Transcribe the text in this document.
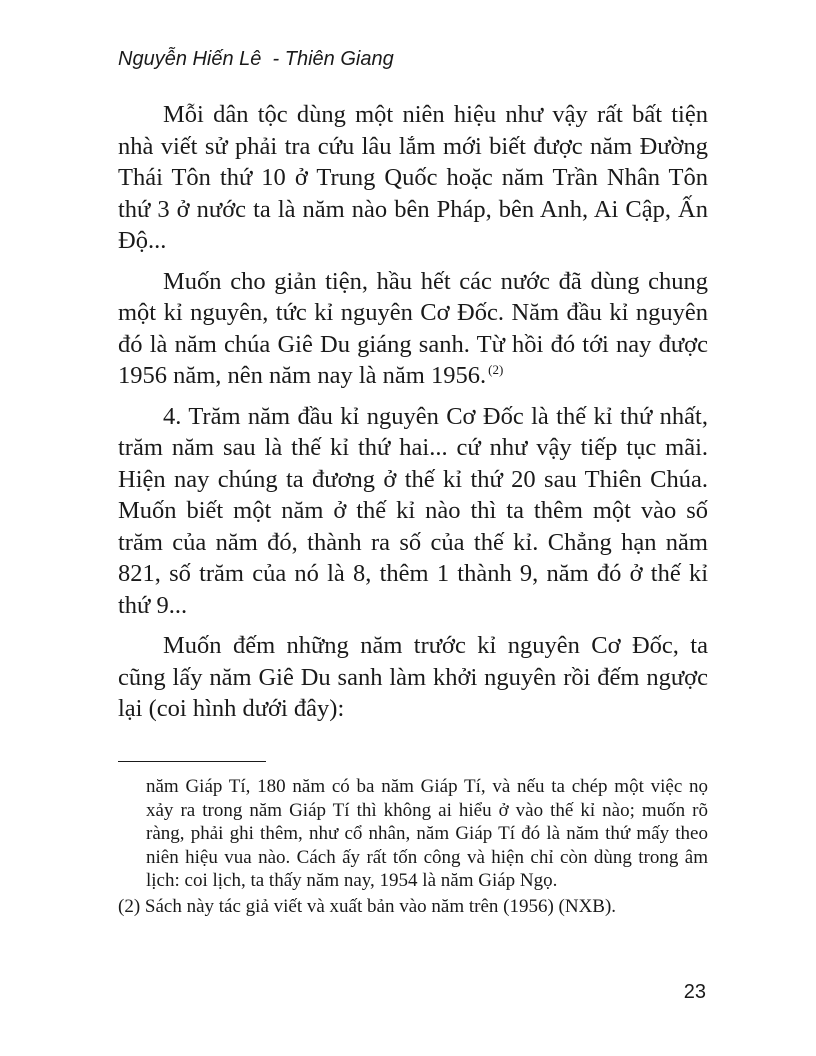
Nguyễn Hiến Lê  - Thiên Giang

Mỗi dân tộc dùng một niên hiệu như vậy rất bất tiện nhà viết sử phải tra cứu lâu lắm mới biết được năm Đường Thái Tôn thứ 10 ở Trung Quốc hoặc năm Trần Nhân Tôn thứ 3 ở nước ta là năm nào bên Pháp, bên Anh, Ai Cập, Ấn Độ...

Muốn cho giản tiện, hầu hết các nước đã dùng chung một kỉ nguyên, tức kỉ nguyên Cơ Đốc. Năm đầu kỉ nguyên đó là năm chúa Giê Du giáng sanh. Từ hồi đó tới nay được 1956 năm, nên năm nay là năm 1956. $^{(2)}$

4. Trăm năm đầu kỉ nguyên Cơ Đốc là thế kỉ thứ nhất, trăm năm sau là thế kỉ thứ hai... cứ như vậy tiếp tục mãi. Hiện nay chúng ta đương ở thế kỉ thứ 20 sau Thiên Chúa. Muốn biết một năm ở thế kỉ nào thì ta thêm một vào số trăm của năm đó, thành ra số của thế kỉ. Chẳng hạn năm 821, số trăm của nó là 8, thêm 1 thành 9, năm đó ở thế kỉ thứ 9...

Muốn đếm những năm trước kỉ nguyên Cơ Đốc, ta cũng lấy năm Giê Du sanh làm khởi nguyên rồi đếm ngược lại (coi hình dưới đây):

năm Giáp Tí, 180 năm có ba năm Giáp Tí, và nếu ta chép một việc nọ xảy ra trong năm Giáp Tí thì không ai hiểu ở vào thế kỉ nào; muốn rõ ràng, phải ghi thêm, như cổ nhân, năm Giáp Tí đó là năm thứ mấy theo niên hiệu vua nào. Cách ấy rất tốn công và hiện chỉ còn dùng trong âm lịch: coi lịch, ta thấy năm nay, 1954 là năm Giáp Ngọ.

(2) Sách này tác giả viết và xuất bản vào năm trên (1956) (NXB).

23
